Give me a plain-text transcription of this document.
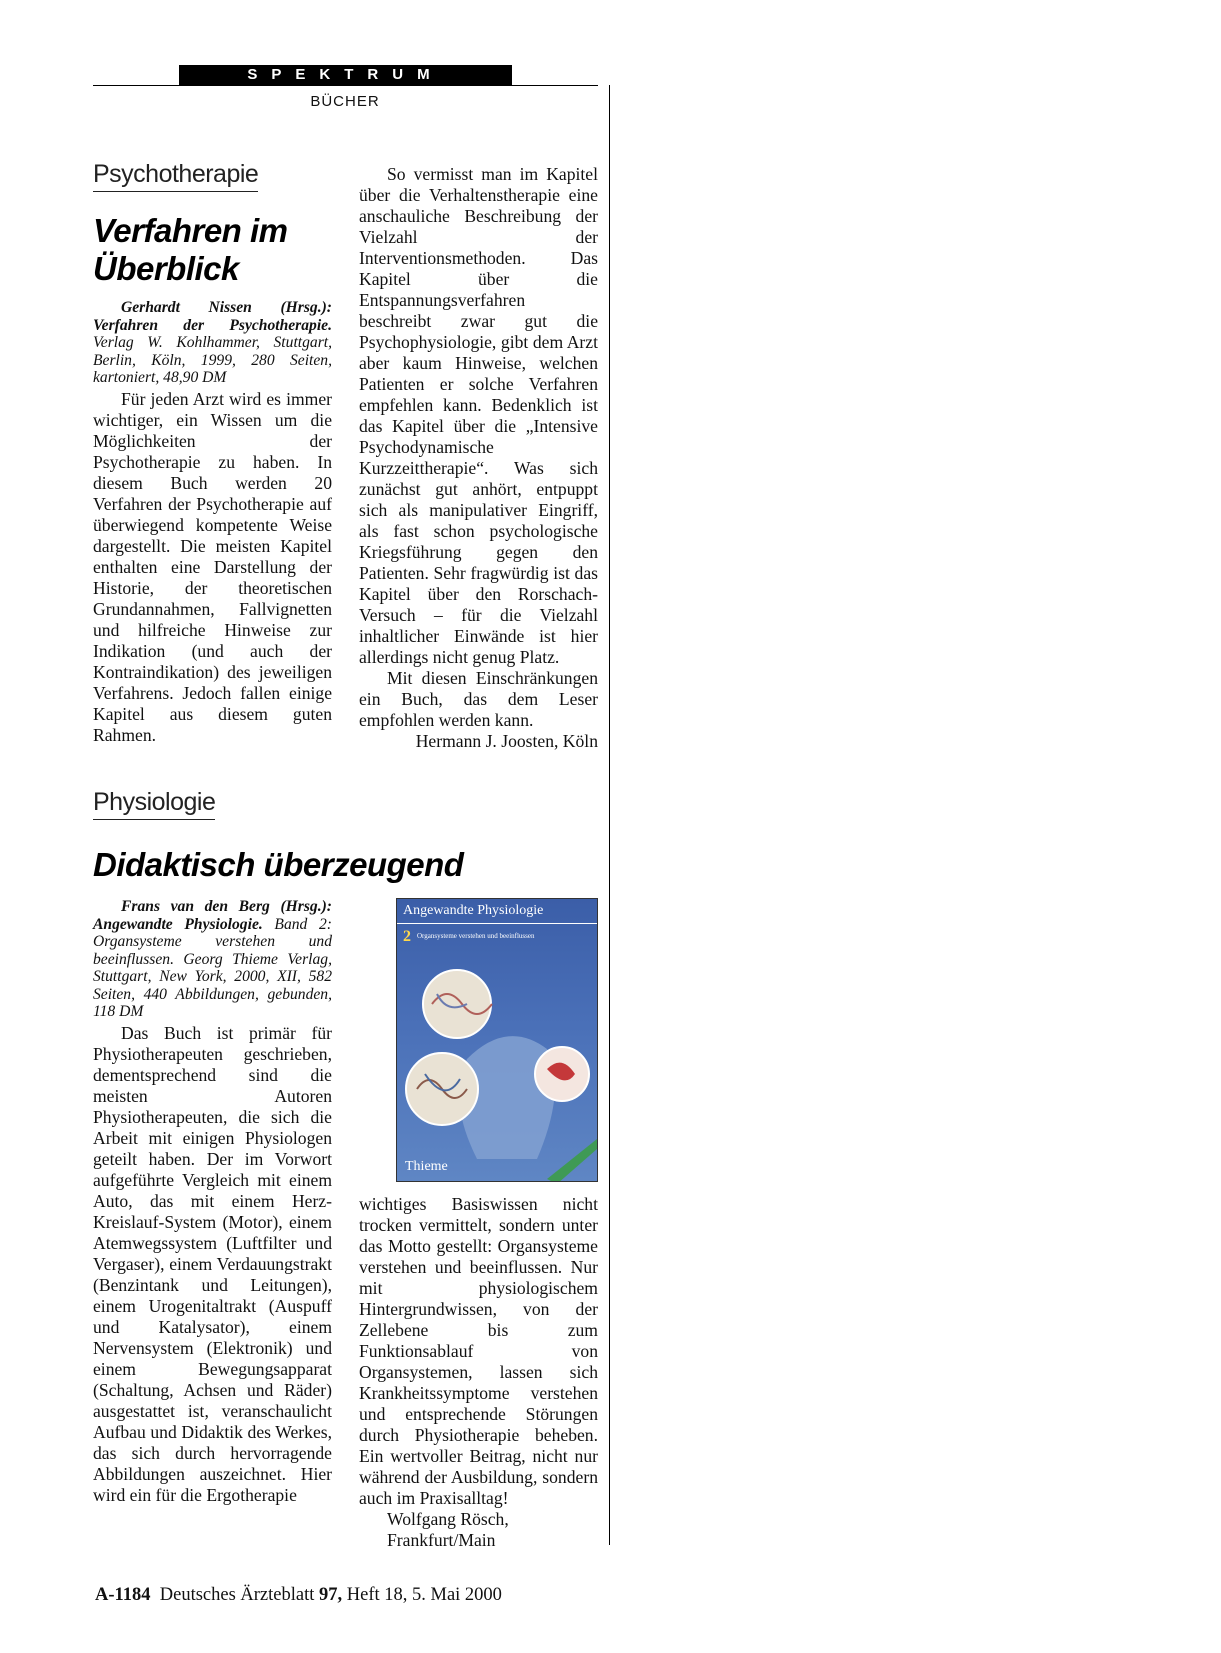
SPEKTRUM
BÜCHER
Psychotherapie
Verfahren im
Überblick

Gerhardt Nissen (Hrsg.): Verfahren der Psychotherapie. Verlag W. Kohlhammer, Stuttgart, Berlin, Köln, 1999, 280 Seiten, kartoniert, 48,90 DM

Für jeden Arzt wird es immer wichtiger, ein Wissen um die Möglichkeiten der Psychotherapie zu haben. In diesem Buch werden 20 Verfahren der Psychotherapie auf überwiegend kompetente Weise dargestellt. Die meisten Kapitel enthalten eine Darstellung der Historie, der theoretischen Grundannahmen, Fallvignetten und hilfreiche Hinweise zur Indikation (und auch der Kontraindikation) des jeweiligen Verfahrens. Jedoch fallen einige Kapitel aus diesem guten Rahmen.

So vermisst man im Kapitel über die Verhaltenstherapie eine anschauliche Beschreibung der Vielzahl der Interventionsmethoden. Das Kapitel über die Entspannungsverfahren beschreibt zwar gut die Psychophysiologie, gibt dem Arzt aber kaum Hinweise, welchen Patienten er solche Verfahren empfehlen kann. Bedenklich ist das Kapitel über die „Intensive Psychodynamische Kurzzeittherapie“. Was sich zunächst gut anhört, entpuppt sich als manipulativer Eingriff, als fast schon psychologische Kriegsführung gegen den Patienten. Sehr fragwürdig ist das Kapitel über den Rorschach-Versuch – für die Vielzahl inhaltlicher Einwände ist hier allerdings nicht genug Platz.

Mit diesen Einschränkungen ein Buch, das dem Leser empfohlen werden kann.

Hermann J. Joosten, Köln

Physiologie
Didaktisch überzeugend

Frans van den Berg (Hrsg.): Angewandte Physiologie. Band 2: Organsysteme verstehen und beeinflussen. Georg Thieme Verlag, Stuttgart, New York, 2000, XII, 582 Seiten, 440 Abbildungen, gebunden, 118 DM

Das Buch ist primär für Physiotherapeuten geschrieben, dementsprechend sind die meisten Autoren Physiotherapeuten, die sich die Arbeit mit einigen Physiologen geteilt haben. Der im Vorwort aufgeführte Vergleich mit einem Auto, das mit einem Herz-Kreislauf-System (Motor), einem Atemwegssystem (Luftfilter und Vergaser), einem Verdauungstrakt (Benzintank und Leitungen), einem Urogenitaltrakt (Auspuff und Katalysator), einem Nervensystem (Elektronik) und einem Bewegungsapparat (Schaltung, Achsen und Räder) ausgestattet ist, veranschaulicht Aufbau und Didaktik des Werkes, das sich durch hervorragende Abbildungen auszeichnet. Hier wird ein für die Ergotherapie

Angewandte Physiologie
2 Organsysteme verstehen und beeinflussen
Thieme

wichtiges Basiswissen nicht trocken vermittelt, sondern unter das Motto gestellt: Organsysteme verstehen und beeinflussen. Nur mit physiologischem Hintergrundwissen, von der Zellebene bis zum Funktionsablauf von Organsystemen, lassen sich Krankheitssymptome verstehen und entsprechende Störungen durch Physiotherapie beheben. Ein wertvoller Beitrag, nicht nur während der Ausbildung, sondern auch im Praxisalltag!

Wolfgang Rösch,

Frankfurt/Main

A-1184 Deutsches Ärzteblatt 97, Heft 18, 5. Mai 2000
